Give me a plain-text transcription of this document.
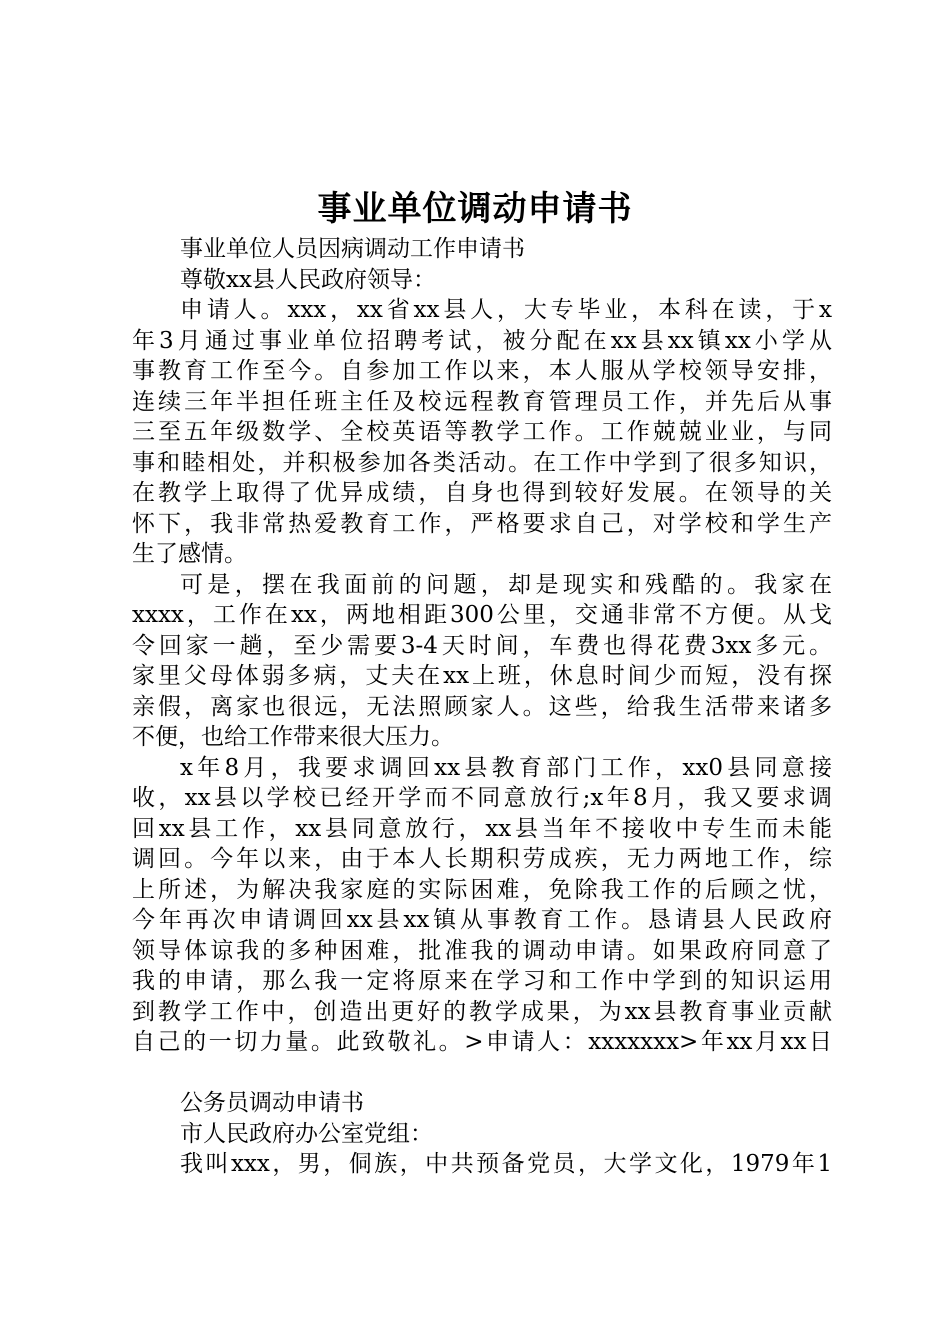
事业单位调动申请书
事业单位人员因病调动工作申请书
尊敬xx县人民政府领导：
申请人。xxx，xx省xx县人，大专毕业，本科在读，于x
年3月通过事业单位招聘考试，被分配在xx县xx镇xx小学从
事教育工作至今。自参加工作以来，本人服从学校领导安排，
连续三年半担任班主任及校远程教育管理员工作，并先后从事
三至五年级数学、全校英语等教学工作。工作兢兢业业，与同
事和睦相处，并积极参加各类活动。在工作中学到了很多知识，
在教学上取得了优异成绩，自身也得到较好发展。在领导的关
怀下，我非常热爱教育工作，严格要求自己，对学校和学生产
生了感情。
可是，摆在我面前的问题，却是现实和残酷的。我家在
xxxx，工作在xx，两地相距300公里，交通非常不方便。从戈
令回家一趟，至少需要3-4天时间，车费也得花费3xx多元。
家里父母体弱多病，丈夫在xx上班，休息时间少而短，没有探
亲假，离家也很远，无法照顾家人。这些，给我生活带来诸多
不便，也给工作带来很大压力。
x年8月，我要求调回xx县教育部门工作，xx0县同意接
收，xx县以学校已经开学而不同意放行;x年8月，我又要求调
回xx县工作，xx县同意放行，xx县当年不接收中专生而未能
调回。今年以来，由于本人长期积劳成疾，无力两地工作，综
上所述，为解决我家庭的实际困难，免除我工作的后顾之忧，
今年再次申请调回xx县xx镇从事教育工作。恳请县人民政府
领导体谅我的多种困难，批准我的调动申请。如果政府同意了
我的申请，那么我一定将原来在学习和工作中学到的知识运用
到教学工作中，创造出更好的教学成果，为xx县教育事业贡献
自己的一切力量。此致敬礼。>申请人：xxxxxxx>年xx月xx日
公务员调动申请书
市人民政府办公室党组：
我叫xxx，男，侗族，中共预备党员，大学文化，1979年1
